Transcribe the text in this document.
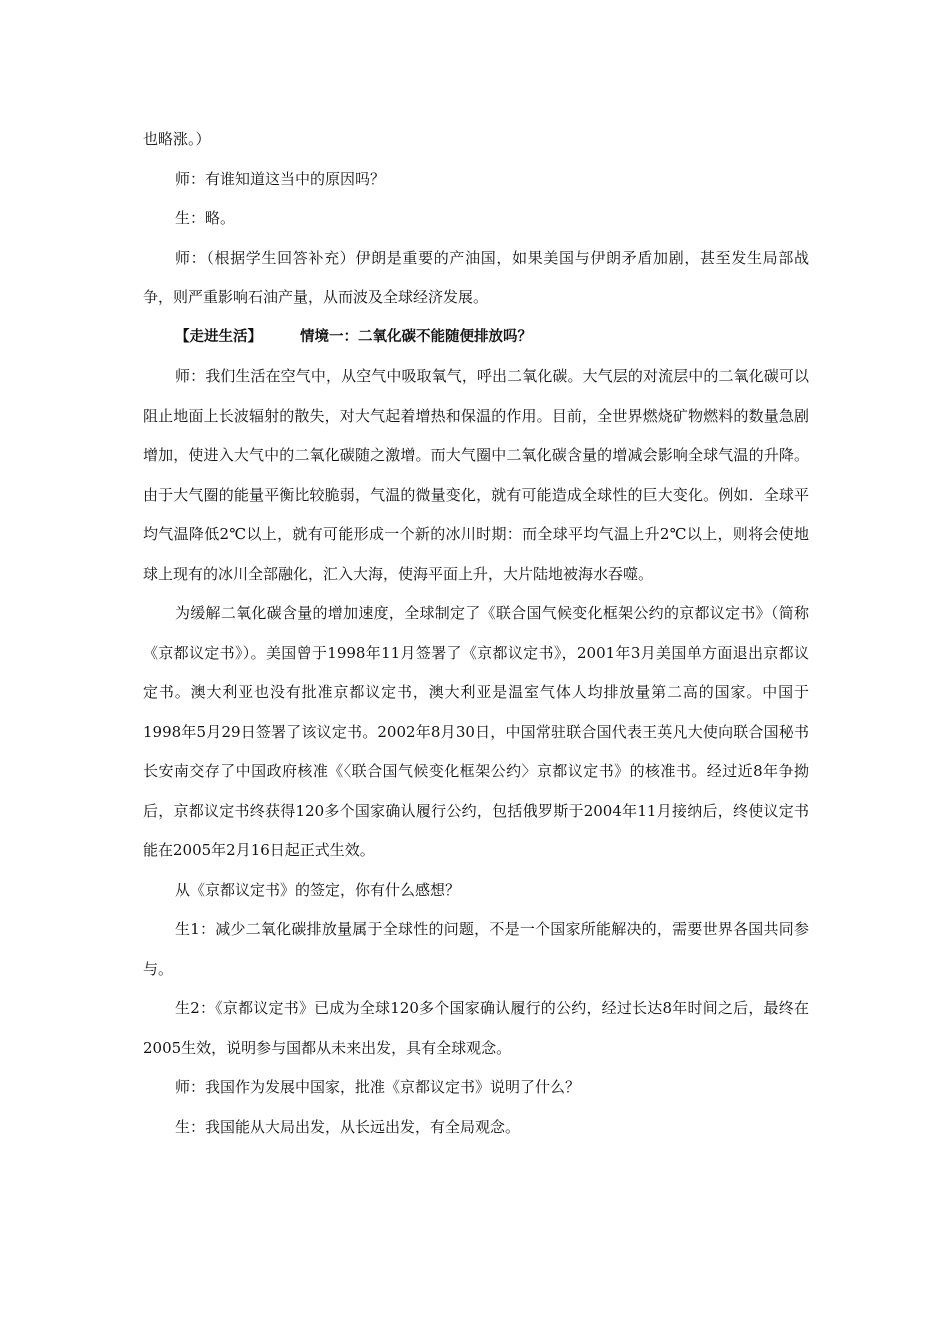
也略涨。）

师：有谁知道这当中的原因吗？

生：略。

师：（根据学生回答补充）伊朗是重要的产油国，如果美国与伊朗矛盾加剧，甚至发生局部战争，则严重影响石油产量，从而波及全球经济发展。

【走进生活】	情境一：二氧化碳不能随便排放吗？

师：我们生活在空气中，从空气中吸取氧气，呼出二氧化碳。大气层的对流层中的二氧化碳可以阻止地面上长波辐射的散失，对大气起着增热和保温的作用。目前，全世界燃烧矿物燃料的数量急剧增加，使进入大气中的二氧化碳随之激增。而大气圈中二氧化碳含量的增减会影响全球气温的升降。由于大气圈的能量平衡比较脆弱，气温的微量变化，就有可能造成全球性的巨大变化。例如．全球平均气温降低2℃以上，就有可能形成一个新的冰川时期：而全球平均气温上升2℃以上，则将会使地球上现有的冰川全部融化，汇入大海，使海平面上升，大片陆地被海水吞噬。

为缓解二氧化碳含量的增加速度，全球制定了《联合国气候变化框架公约的京都议定书》（简称《京都议定书》）。美国曾于1998年11月签署了《京都议定书》，2001年3月美国单方面退出京都议定书。澳大利亚也没有批准京都议定书，澳大利亚是温室气体人均排放量第二高的国家。中国于1998年5月29日签署了该议定书。2002年8月30日，中国常驻联合国代表王英凡大使向联合国秘书长安南交存了中国政府核准《〈联合国气候变化框架公约〉京都议定书》的核准书。经过近8年争拗后，京都议定书终获得120多个国家确认履行公约，包括俄罗斯于2004年11月接纳后，终使议定书能在2005年2月16日起正式生效。

从《京都议定书》的签定，你有什么感想？

生1：减少二氧化碳排放量属于全球性的问题，不是一个国家所能解决的，需要世界各国共同参与。

生2：《京都议定书》已成为全球120多个国家确认履行的公约，经过长达8年时间之后，最终在2005生效，说明参与国都从未来出发，具有全球观念。

师：我国作为发展中国家，批准《京都议定书》说明了什么？

生：我国能从大局出发，从长远出发，有全局观念。
